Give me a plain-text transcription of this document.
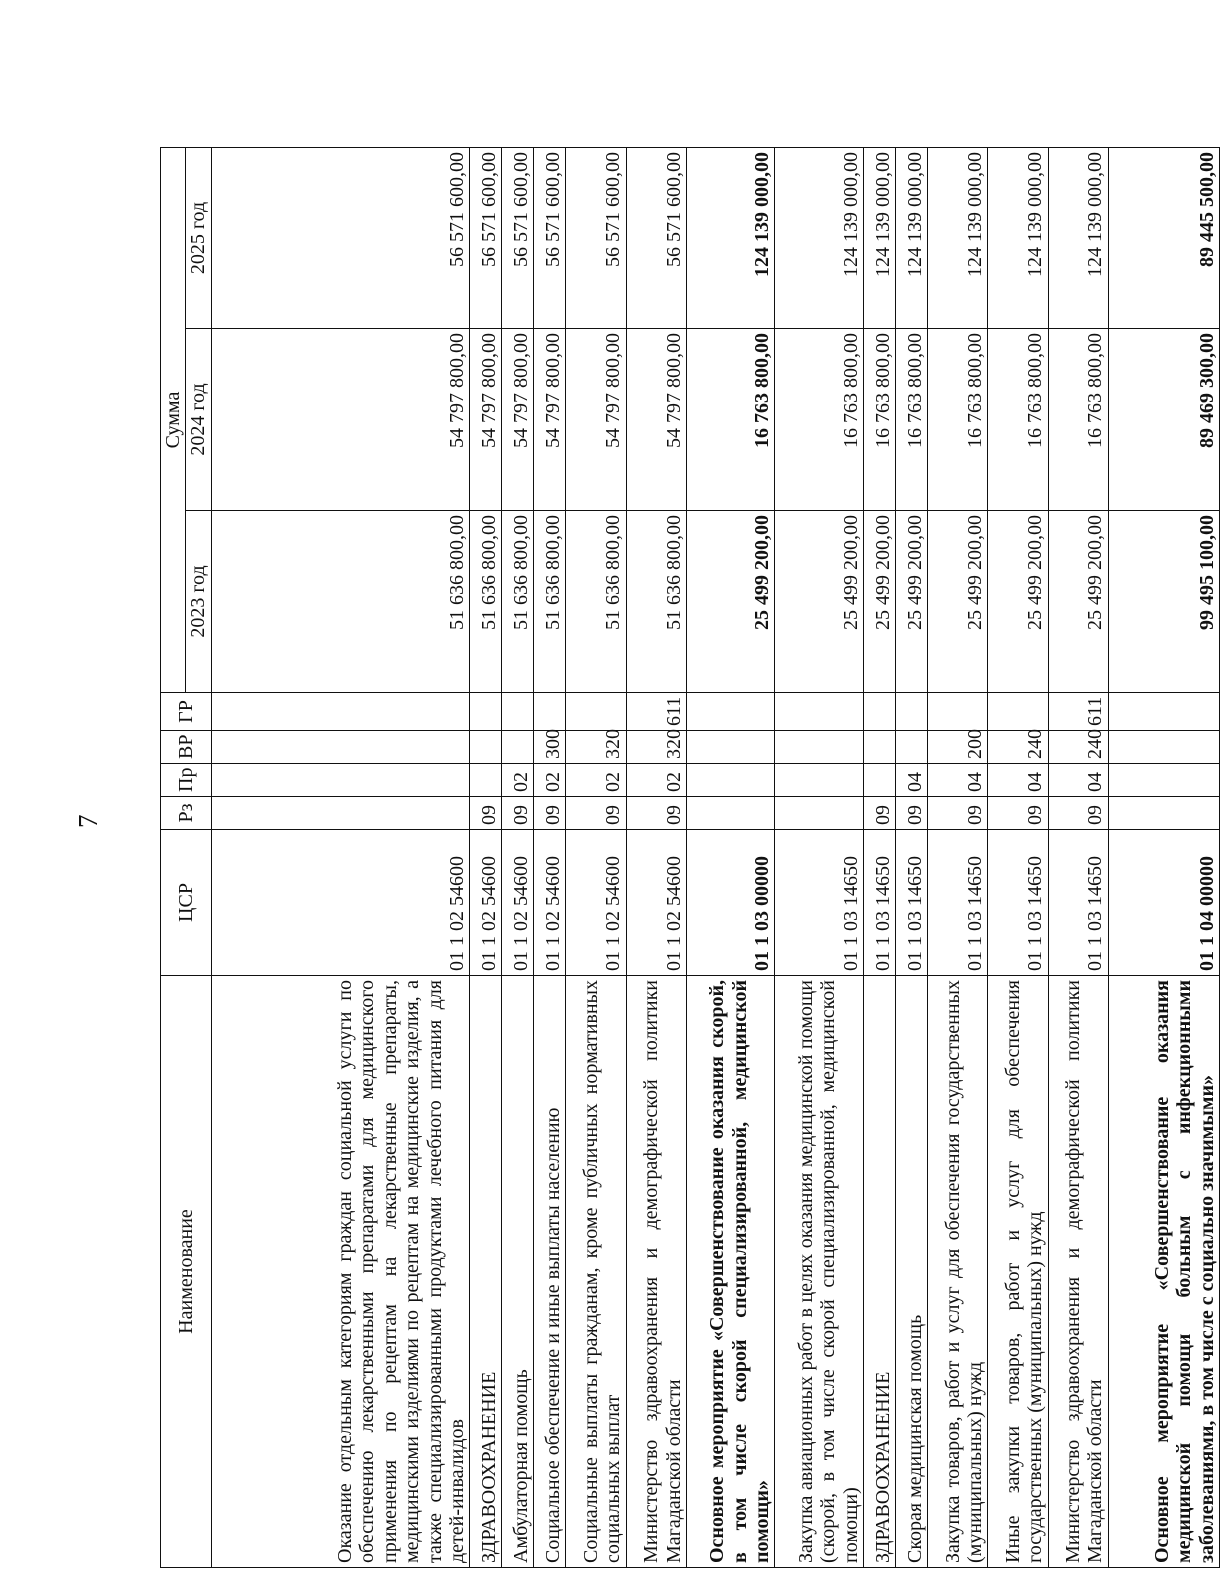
7
Наименование	ЦСР	Рз	Пр	ВР	ГР	Сумма		
						2023 год	2024 год	2025 год
Оказание отдельным категориям граждан социальной услуги по обеспечению лекарственными препаратами для медицинского применения по рецептам на лекарственные препараты, медицинскими изделиями по рецептам на медицинские изделия, а также специализированными продуктами лечебного питания для детей-инвалидов	01 1 02 54600					51 636 800,00	54 797 800,00	56 571 600,00
ЗДРАВООХРАНЕНИЕ	01 1 02 54600	09				51 636 800,00	54 797 800,00	56 571 600,00
Амбулаторная помощь	01 1 02 54600	09	02			51 636 800,00	54 797 800,00	56 571 600,00
Социальное обеспечение и иные выплаты населению	01 1 02 54600	09	02	300		51 636 800,00	54 797 800,00	56 571 600,00
Социальные выплаты гражданам, кроме публичных нормативных социальных выплат	01 1 02 54600	09	02	320		51 636 800,00	54 797 800,00	56 571 600,00
Министерство здравоохранения и демографической политики Магаданской области	01 1 02 54600	09	02	320	611	51 636 800,00	54 797 800,00	56 571 600,00
Основное мероприятие «Совершенствование оказания скорой, в том числе скорой специализированной, медицинской помощи»	01 1 03 00000					25 499 200,00	16 763 800,00	124 139 000,00
Закупка авиационных работ в целях оказания медицинской помощи (скорой, в том числе скорой специализированной, медицинской помощи)	01 1 03 14650					25 499 200,00	16 763 800,00	124 139 000,00
ЗДРАВООХРАНЕНИЕ	01 1 03 14650	09				25 499 200,00	16 763 800,00	124 139 000,00
Скорая медицинская помощь	01 1 03 14650	09	04			25 499 200,00	16 763 800,00	124 139 000,00
Закупка товаров, работ и услуг для обеспечения государственных (муниципальных) нужд	01 1 03 14650	09	04	200		25 499 200,00	16 763 800,00	124 139 000,00
Иные закупки товаров, работ и услуг для обеспечения государственных (муниципальных) нужд	01 1 03 14650	09	04	240		25 499 200,00	16 763 800,00	124 139 000,00
Министерство здравоохранения и демографической политики Магаданской области	01 1 03 14650	09	04	240	611	25 499 200,00	16 763 800,00	124 139 000,00
Основное мероприятие «Совершенствование оказания медицинской помощи больным с инфекционными заболеваниями, в том числе с социально значимыми»	01 1 04 00000					99 495 100,00	89 469 300,00	89 445 500,00
